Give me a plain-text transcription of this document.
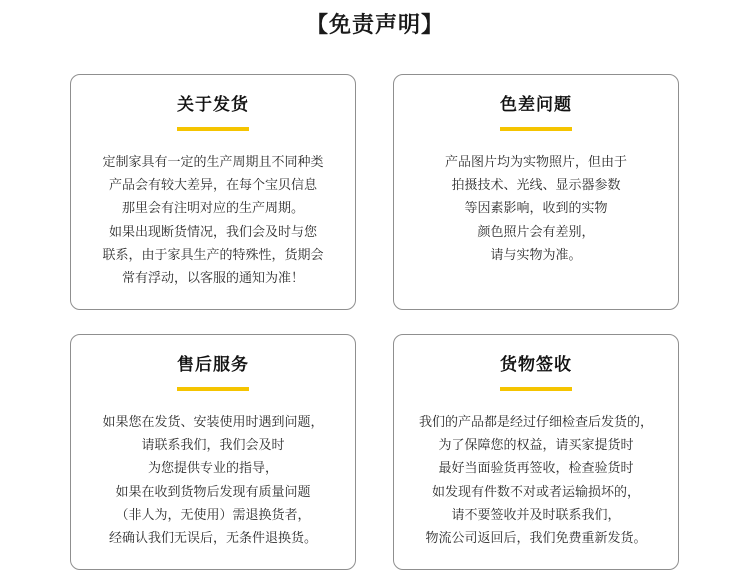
【免责声明】
关于发货
定制家具有一定的生产周期且不同种类
产品会有较大差异，在每个宝贝信息
那里会有注明对应的生产周期。
如果出现断货情况，我们会及时与您
联系，由于家具生产的特殊性，货期会
常有浮动，以客服的通知为准！
色差问题
产品图片均为实物照片，但由于
拍摄技术、光线、显示器参数
等因素影响，收到的实物
颜色照片会有差别，
请与实物为准。
售后服务
如果您在发货、安装使用时遇到问题，
请联系我们，我们会及时
为您提供专业的指导，
如果在收到货物后发现有质量问题
（非人为，无使用）需退换货者，
经确认我们无误后，无条件退换货。
货物签收
我们的产品都是经过仔细检查后发货的，
为了保障您的权益，请买家提货时
最好当面验货再签收，检查验货时
如发现有件数不对或者运输损坏的，
请不要签收并及时联系我们，
物流公司返回后，我们免费重新发货。
